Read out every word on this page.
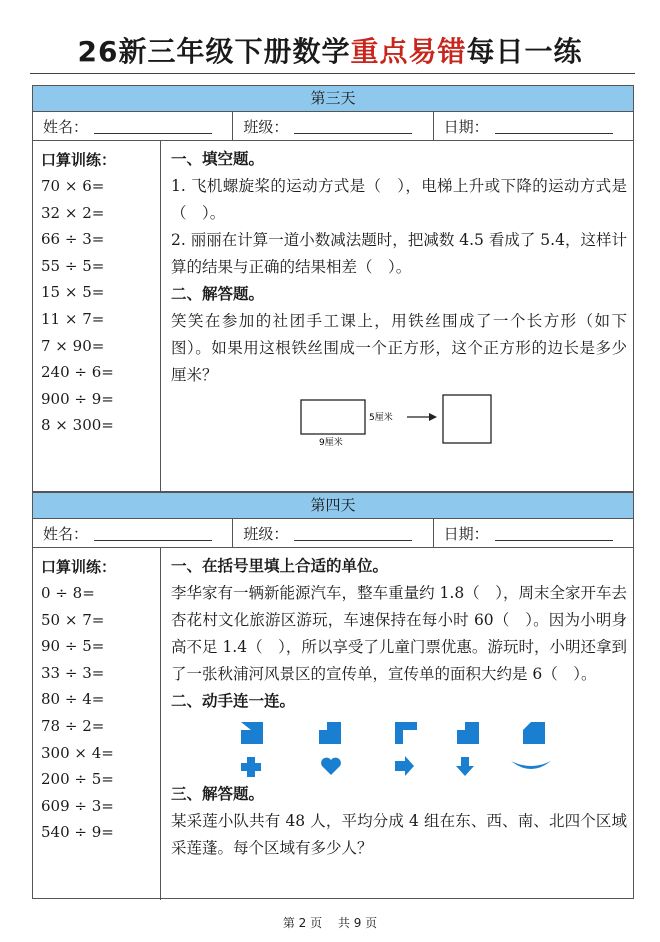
26新三年级下册数学重点易错每日一练
第三天
姓名：	班级：	日期：
口算训练：
70 × 6=
32 × 2=
66 ÷ 3=
55 ÷ 5=
15 × 5=
11 × 7=
7 × 90=
240 ÷ 6=
900 ÷ 9=
8 × 300=
一、填空题。
1. 飞机螺旋桨的运动方式是（　），电梯上升或下降的运动方式是（　）。
2. 丽丽在计算一道小数减法题时，把减数 4.5 看成了 5.4，这样计算的结果与正确的结果相差（　）。
二、解答题。
笑笑在参加的社团手工课上，用铁丝围成了一个长方形（如下图）。如果用这根铁丝围成一个正方形，这个正方形的边长是多少厘米？
5厘米
9厘米
第四天
姓名：	班级：	日期：
口算训练：
0 ÷ 8=
50 × 7=
90 ÷ 5=
33 ÷ 3=
80 ÷ 4=
78 ÷ 2=
300 × 4=
200 ÷ 5=
609 ÷ 3=
540 ÷ 9=
一、在括号里填上合适的单位。
李华家有一辆新能源汽车，整车重量约 1.8（　），周末全家开车去杏花村文化旅游区游玩，车速保持在每小时 60（　）。因为小明身高不足 1.4（　），所以享受了儿童门票优惠。游玩时，小明还拿到了一张秋浦河风景区的宣传单，宣传单的面积大约是 6（　）。
二、动手连一连。
三、解答题。
某采莲小队共有 48 人，平均分成 4 组在东、西、南、北四个区域采莲蓬。每个区域有多少人？
第 2 页 共 9 页
